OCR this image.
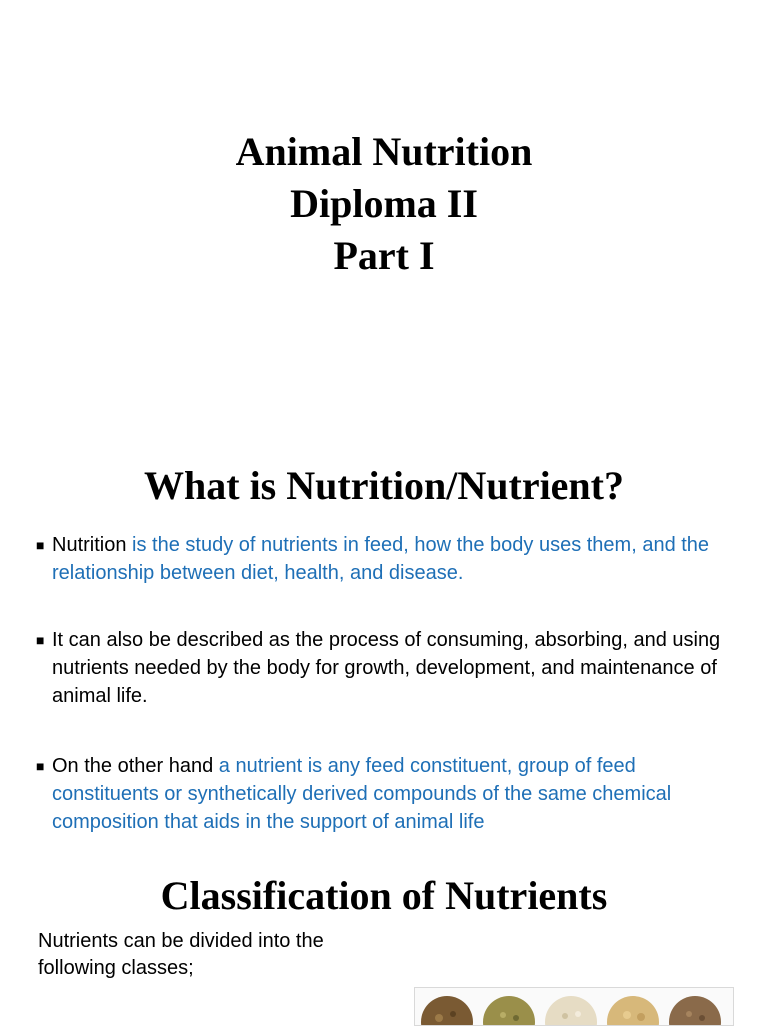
Animal Nutrition
Diploma II
Part I
What is Nutrition/Nutrient?
■ Nutrition is the study of nutrients in feed, how the body uses them, and the relationship between diet, health, and disease.
■ It can also be described as the process of consuming, absorbing, and using nutrients needed by the body for growth, development, and maintenance of animal life.
■ On the other hand a nutrient is any feed constituent, group of feed constituents or synthetically derived compounds of the same chemical composition that aids in the support of animal life
Classification of Nutrients
Nutrients can be divided into the following classes;
